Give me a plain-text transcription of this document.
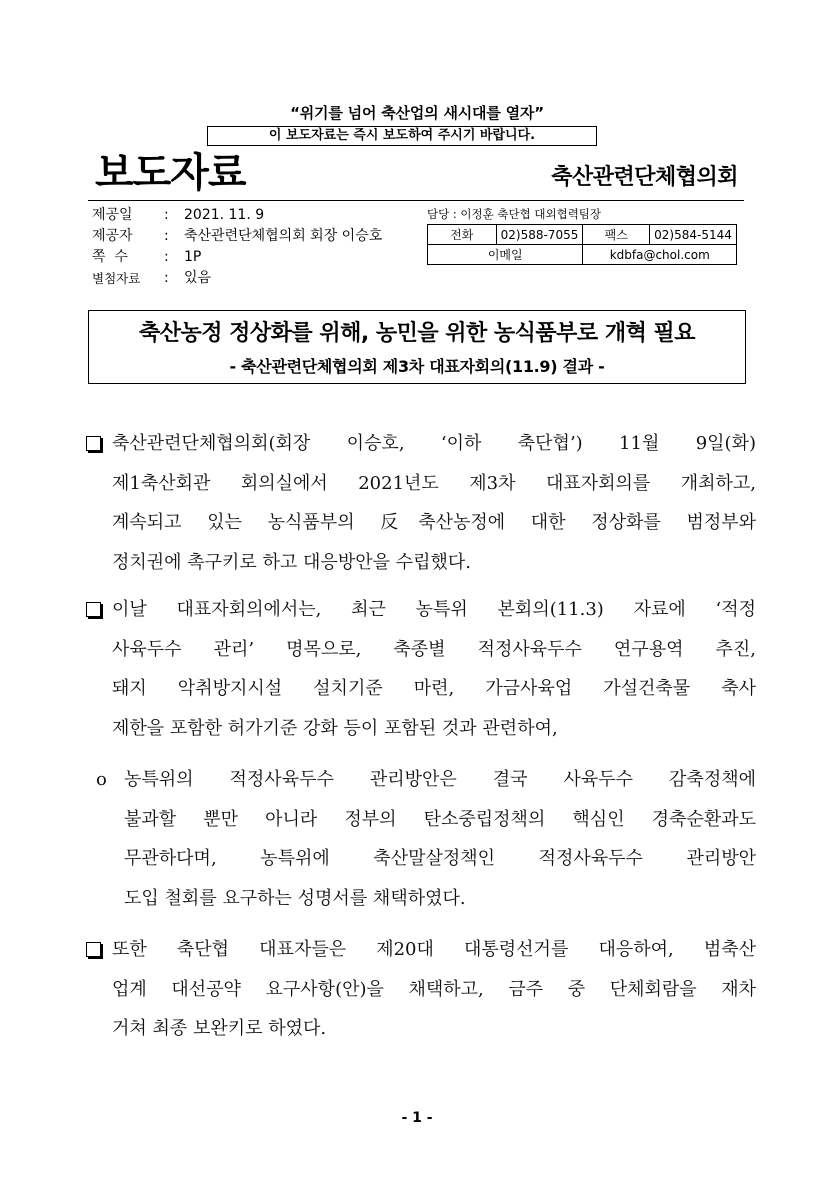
“위기를 넘어 축산업의 새시대를 열자”
이 보도자료는 즉시 보도하여 주시기 바랍니다.
보도자료	축산관련단체협의회
제공일	:	2021. 11. 9
제공자	:	축산관련단체협의회 회장 이승호
쪽  수	:	1P
별첨자료	:	있음
담당 : 이정훈 축단협 대외협력팀장
전화	02)588-7055	팩스	02)584-5144
이메일		kdbfa@chol.com	
축산농정 정상화를 위해, 농민을 위한 농식품부로 개혁 필요
- 축산관련단체협의회 제3차 대표자회의(11.9) 결과 -
축산관련단체협의회(회장 이승호, ‘이하 축단협’) 11월 9일(화)
제1축산회관 회의실에서 2021년도 제3차 대표자회의를 개최하고,
계속되고 있는 농식품부의 反축산농정에 대한 정상화를 범정부와
정치권에 촉구키로 하고 대응방안을 수립했다.
이날 대표자회의에서는, 최근 농특위 본회의(11.3) 자료에 ‘적정
사육두수 관리’ 명목으로, 축종별 적정사육두수 연구용역 추진,
돼지 악취방지시설 설치기준 마련, 가금사육업 가설건축물 축사
제한을 포함한 허가기준 강화 등이 포함된 것과 관련하여,
o 농특위의 적정사육두수 관리방안은 결국 사육두수 감축정책에
불과할 뿐만 아니라 정부의 탄소중립정책의 핵심인 경축순환과도
무관하다며, 농특위에 축산말살정책인 적정사육두수 관리방안
도입 철회를 요구하는 성명서를 채택하였다.
또한 축단협 대표자들은 제20대 대통령선거를 대응하여, 범축산
업계 대선공약 요구사항(안)을 채택하고, 금주 중 단체회람을 재차
거쳐 최종 보완키로 하였다.
- 1 -
